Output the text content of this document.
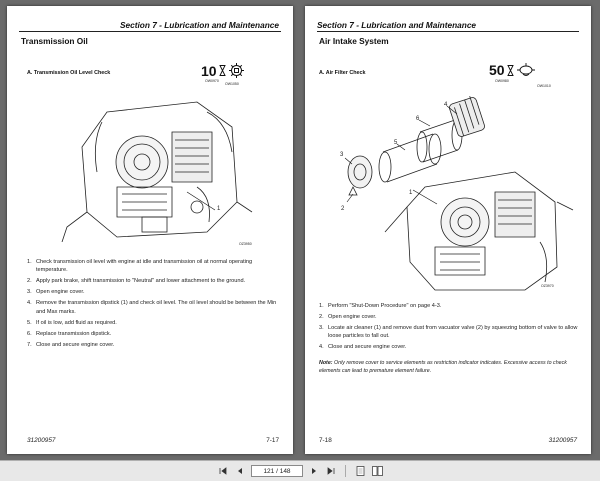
Section 7 - Lubrication and Maintenance
Transmission Oil
A. Transmission Oil Level Check	10
OW0970
OW1050
1
OZ3950
1. Check transmission oil level with engine at idle and transmission oil at normal operating temperature.
2. Apply park brake, shift transmission to "Neutral" and lower attachment to the ground.
3. Open engine cover.
4. Remove the transmission dipstick (1) and check oil level. The oil level should be between the Min and Max marks.
5. If oil is low, add fluid as required.
6. Replace transmission dipstick.
7. Close and secure engine cover.
31200957	7-17
Section 7 - Lubrication and Maintenance
Air Intake System
A. Air Filter Check	50
OW0980
OW1010
4
6
5
3
2
1
OZ3970
1. Perform "Shut-Down Procedure" on page 4-3.
2. Open engine cover.
3. Locate air cleaner (1) and remove dust from vacuator valve (2) by squeezing bottom of valve to allow loose particles to fall out.
4. Close and secure engine cover.
Note: Only remove cover to service elements as restriction indicator indicates. Excessive access to check elements can lead to premature element failure.
7-18	31200957
121 / 148
